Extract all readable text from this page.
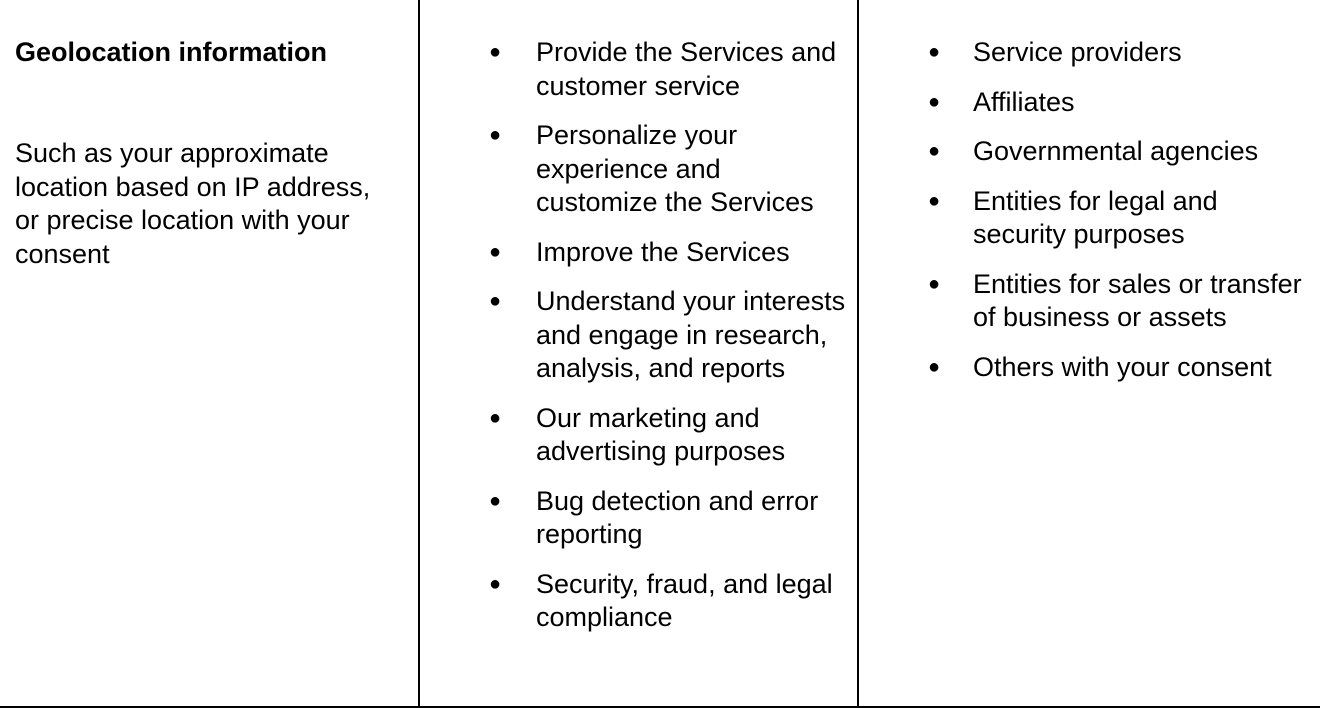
Geolocation information

Such as your approximate location based on IP address, or precise location with your consent

● Provide the Services and customer service
● Personalize your experience and customize the Services
● Improve the Services
● Understand your interests and engage in research, analysis, and reports
● Our marketing and advertising purposes
● Bug detection and error reporting
● Security, fraud, and legal compliance
● Service providers
● Affiliates
● Governmental agencies
● Entities for legal and security purposes
● Entities for sales or transfer of business or assets
● Others with your consent
